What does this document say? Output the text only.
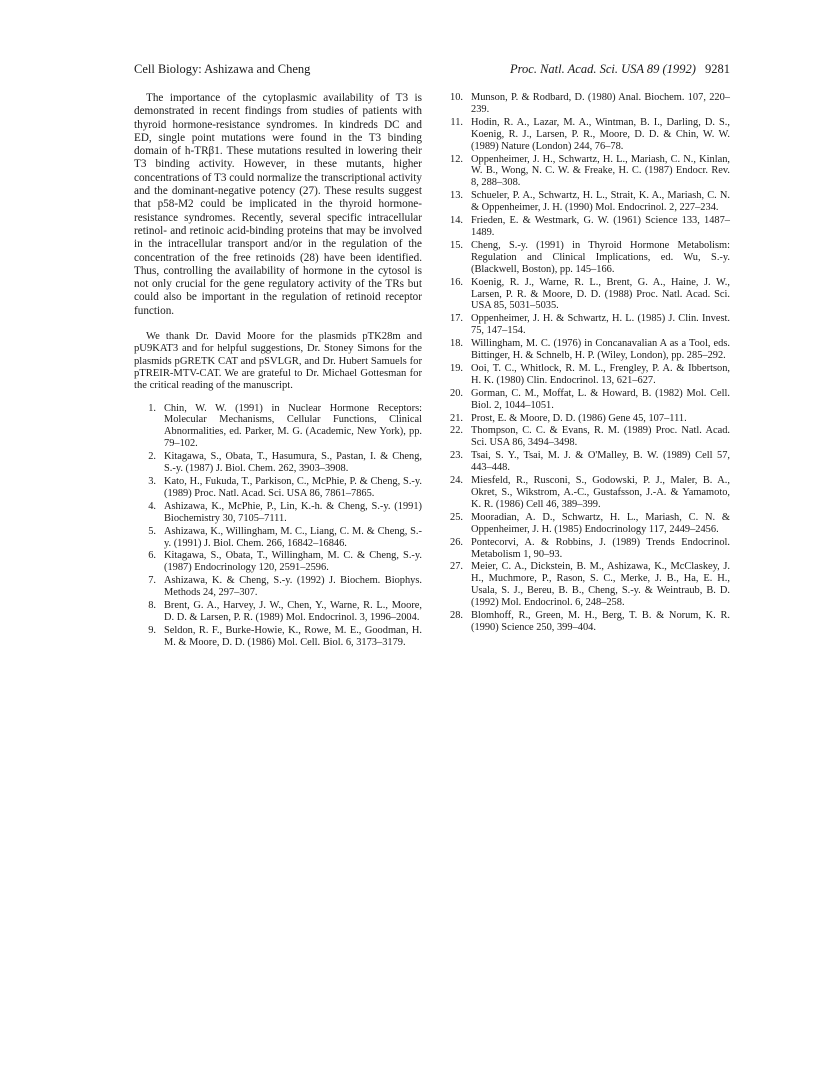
Cell Biology: Ashizawa and Cheng	Proc. Natl. Acad. Sci. USA 89 (1992) 9281

The importance of the cytoplasmic availability of T3 is demonstrated in recent findings from studies of patients with thyroid hormone-resistance syndromes. In kindreds DC and ED, single point mutations were found in the T3 binding domain of h-TRβ1. These mutations resulted in lowering their T3 binding activity. However, in these mutants, higher concentrations of T3 could normalize the transcriptional activity and the dominant-negative potency (27). These results suggest that p58-M2 could be implicated in the thyroid hormone-resistance syndromes. Recently, several specific intracellular retinol- and retinoic acid-binding proteins that may be involved in the intracellular transport and/or in the regulation of the concentration of the free retinoids (28) have been identified. Thus, controlling the availability of hormone in the cytosol is not only crucial for the gene regulatory activity of the TRs but could also be important in the regulation of retinoid receptor function.

We thank Dr. David Moore for the plasmids pTK28m and pU9KAT3 and for helpful suggestions, Dr. Stoney Simons for the plasmids pGRETK CAT and pSVLGR, and Dr. Hubert Samuels for pTREIR-MTV-CAT. We are grateful to Dr. Michael Gottesman for the critical reading of the manuscript.

1. Chin, W. W. (1991) in Nuclear Hormone Receptors: Molecular Mechanisms, Cellular Functions, Clinical Abnormalities, ed. Parker, M. G. (Academic, New York), pp. 79–102.
2. Kitagawa, S., Obata, T., Hasumura, S., Pastan, I. & Cheng, S.-y. (1987) J. Biol. Chem. 262, 3903–3908.
3. Kato, H., Fukuda, T., Parkison, C., McPhie, P. & Cheng, S.-y. (1989) Proc. Natl. Acad. Sci. USA 86, 7861–7865.
4. Ashizawa, K., McPhie, P., Lin, K.-h. & Cheng, S.-y. (1991) Biochemistry 30, 7105–7111.
5. Ashizawa, K., Willingham, M. C., Liang, C. M. & Cheng, S.-y. (1991) J. Biol. Chem. 266, 16842–16846.
6. Kitagawa, S., Obata, T., Willingham, M. C. & Cheng, S.-y. (1987) Endocrinology 120, 2591–2596.
7. Ashizawa, K. & Cheng, S.-y. (1992) J. Biochem. Biophys. Methods 24, 297–307.
8. Brent, G. A., Harvey, J. W., Chen, Y., Warne, R. L., Moore, D. D. & Larsen, P. R. (1989) Mol. Endocrinol. 3, 1996–2004.
9. Seldon, R. F., Burke-Howie, K., Rowe, M. E., Goodman, H. M. & Moore, D. D. (1986) Mol. Cell. Biol. 6, 3173–3179.
10. Munson, P. & Rodbard, D. (1980) Anal. Biochem. 107, 220–239.
11. Hodin, R. A., Lazar, M. A., Wintman, B. I., Darling, D. S., Koenig, R. J., Larsen, P. R., Moore, D. D. & Chin, W. W. (1989) Nature (London) 244, 76–78.
12. Oppenheimer, J. H., Schwartz, H. L., Mariash, C. N., Kinlan, W. B., Wong, N. C. W. & Freake, H. C. (1987) Endocr. Rev. 8, 288–308.
13. Schueler, P. A., Schwartz, H. L., Strait, K. A., Mariash, C. N. & Oppenheimer, J. H. (1990) Mol. Endocrinol. 2, 227–234.
14. Frieden, E. & Westmark, G. W. (1961) Science 133, 1487–1489.
15. Cheng, S.-y. (1991) in Thyroid Hormone Metabolism: Regulation and Clinical Implications, ed. Wu, S.-y. (Blackwell, Boston), pp. 145–166.
16. Koenig, R. J., Warne, R. L., Brent, G. A., Haine, J. W., Larsen, P. R. & Moore, D. D. (1988) Proc. Natl. Acad. Sci. USA 85, 5031–5035.
17. Oppenheimer, J. H. & Schwartz, H. L. (1985) J. Clin. Invest. 75, 147–154.
18. Willingham, M. C. (1976) in Concanavalian A as a Tool, eds. Bittinger, H. & Schnelb, H. P. (Wiley, London), pp. 285–292.
19. Ooi, T. C., Whitlock, R. M. L., Frengley, P. A. & Ibbertson, H. K. (1980) Clin. Endocrinol. 13, 621–627.
20. Gorman, C. M., Moffat, L. & Howard, B. (1982) Mol. Cell. Biol. 2, 1044–1051.
21. Prost, E. & Moore, D. D. (1986) Gene 45, 107–111.
22. Thompson, C. C. & Evans, R. M. (1989) Proc. Natl. Acad. Sci. USA 86, 3494–3498.
23. Tsai, S. Y., Tsai, M. J. & O'Malley, B. W. (1989) Cell 57, 443–448.
24. Miesfeld, R., Rusconi, S., Godowski, P. J., Maler, B. A., Okret, S., Wikstrom, A.-C., Gustafsson, J.-A. & Yamamoto, K. R. (1986) Cell 46, 389–399.
25. Mooradian, A. D., Schwartz, H. L., Mariash, C. N. & Oppenheimer, J. H. (1985) Endocrinology 117, 2449–2456.
26. Pontecorvi, A. & Robbins, J. (1989) Trends Endocrinol. Metabolism 1, 90–93.
27. Meier, C. A., Dickstein, B. M., Ashizawa, K., McClaskey, J. H., Muchmore, P., Rason, S. C., Merke, J. B., Ha, E. H., Usala, S. J., Bereu, B. B., Cheng, S.-y. & Weintraub, B. D. (1992) Mol. Endocrinol. 6, 248–258.
28. Blomhoff, R., Green, M. H., Berg, T. B. & Norum, K. R. (1990) Science 250, 399–404.
